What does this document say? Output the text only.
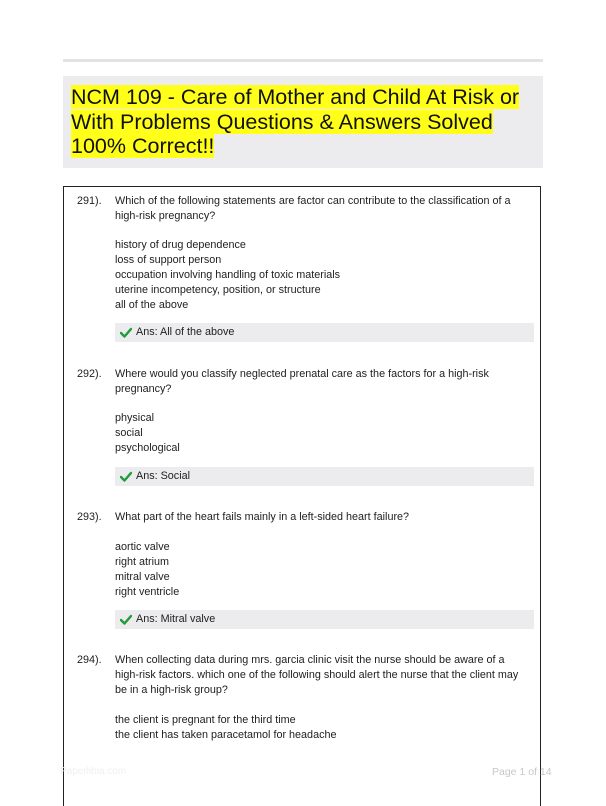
NCM 109 - Care of Mother and Child At Risk or With Problems Questions & Answers Solved 100% Correct!!
291). Which of the following statements are factor can contribute to the classification of a high-risk pregnancy?
history of drug dependence
loss of support person
occupation involving handling of toxic materials
uterine incompetency, position, or structure
all of the above
Ans: All of the above
292). Where would you classify neglected prenatal care as the factors for a high-risk pregnancy?
physical
social
psychological
Ans: Social
293). What part of the heart fails mainly in a left-sided heart failure?
aortic valve
right atrium
mitral valve
right ventricle
Ans: Mitral valve
294). When collecting data during mrs. garcia clinic visit the nurse should be aware of a high-risk factors. which one of the following should alert the nurse that the client may be in a high-risk group?
the client is pregnant for the third time
the client has taken paracetamol for headache
Paperlibia.com	Page 1 of 14
